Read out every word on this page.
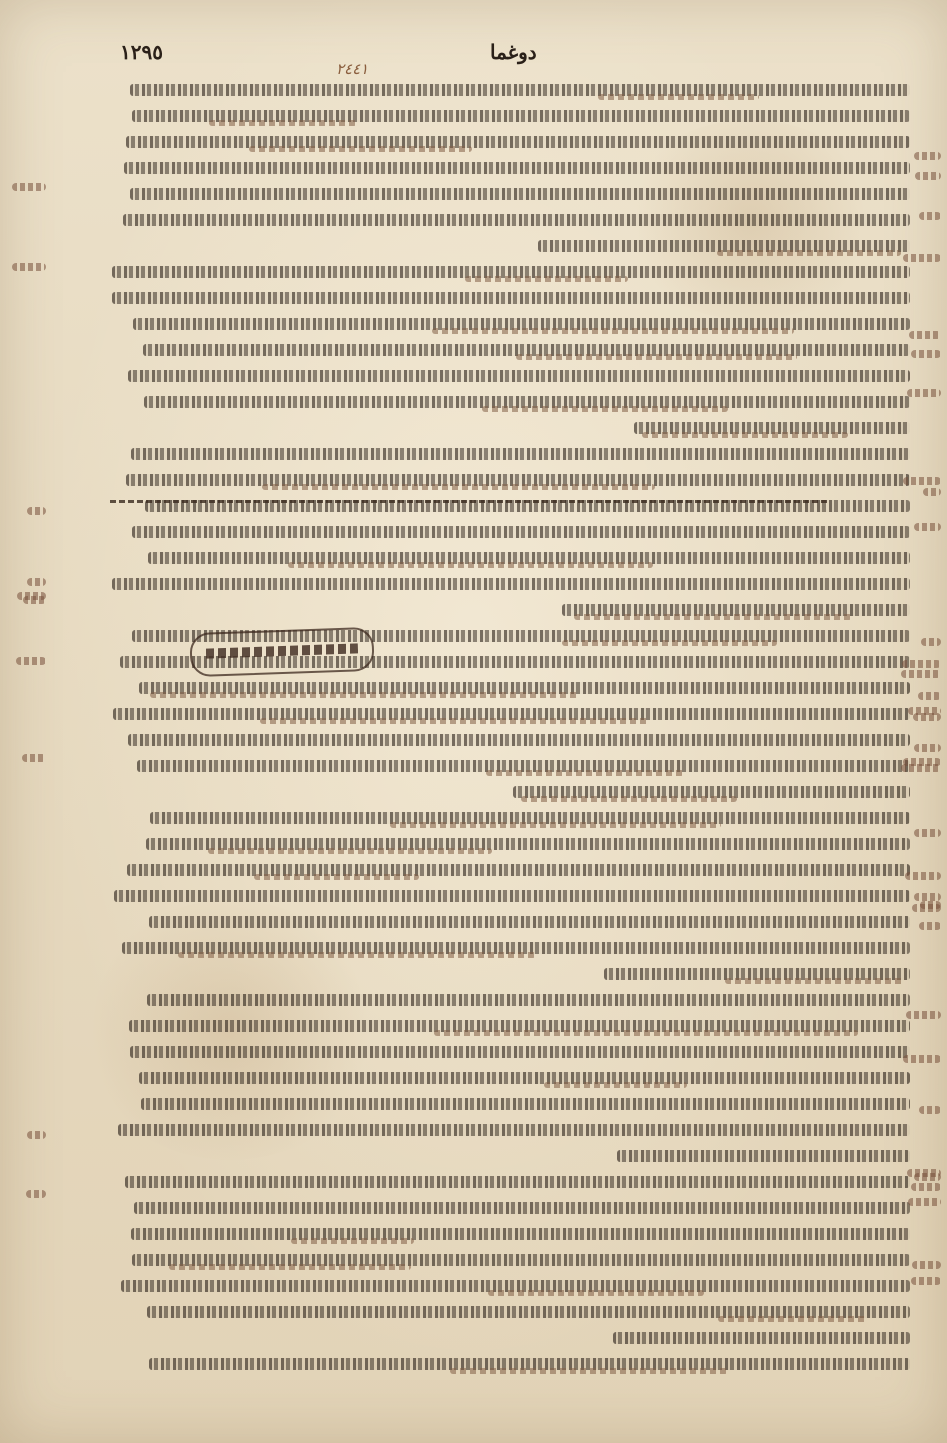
١٢٩٥	دوغما
٢٤٤١
